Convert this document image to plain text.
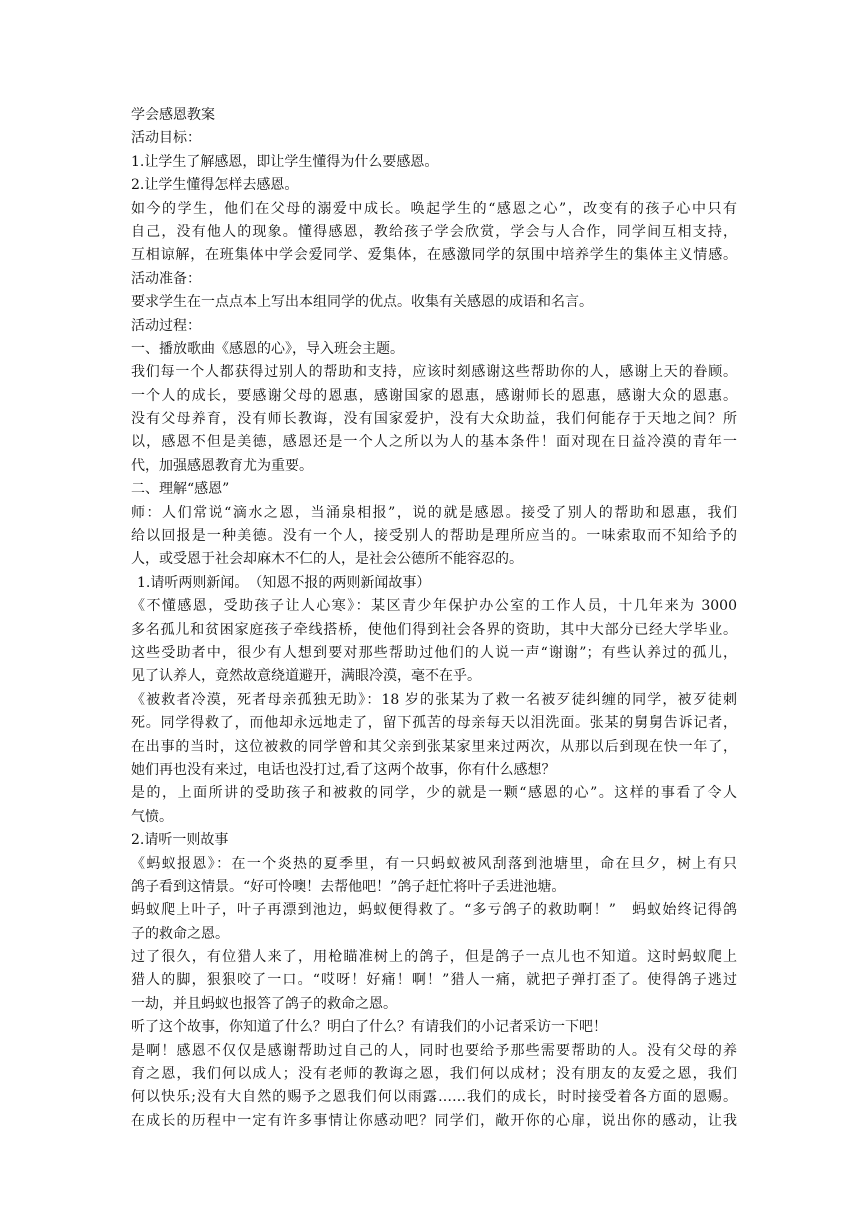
学会感恩教案
活动目标：
1.让学生了解感恩，即让学生懂得为什么要感恩。
2.让学生懂得怎样去感恩。
如今的学生，他们在父母的溺爱中成长。唤起学生的“感恩之心”，改变有的孩子心中只有
自己，没有他人的现象。懂得感恩，教给孩子学会欣赏，学会与人合作，同学间互相支持，
互相谅解，在班集体中学会爱同学、爱集体，在感激同学的氛围中培养学生的集体主义情感。
活动准备：
要求学生在一点点本上写出本组同学的优点。收集有关感恩的成语和名言。
活动过程：
一、播放歌曲《感恩的心》，导入班会主题。
我们每一个人都获得过别人的帮助和支持，应该时刻感谢这些帮助你的人，感谢上天的眷顾。
一个人的成长，要感谢父母的恩惠，感谢国家的恩惠，感谢师长的恩惠，感谢大众的恩惠。
没有父母养育，没有师长教诲，没有国家爱护，没有大众助益，我们何能存于天地之间？所
以，感恩不但是美德，感恩还是一个人之所以为人的基本条件！面对现在日益冷漠的青年一
代，加强感恩教育尤为重要。
二、理解“感恩”
师：人们常说“滴水之恩，当涌泉相报”，说的就是感恩。接受了别人的帮助和恩惠，我们
给以回报是一种美德。没有一个人，接受别人的帮助是理所应当的。一味索取而不知给予的
人，或受恩于社会却麻木不仁的人，是社会公德所不能容忍的。
1.请听两则新闻。　（知恩不报的两则新闻故事）
《不懂感恩，受助孩子让人心寒》：某区青少年保护办公室的工作人员，十几年来为 3000
多名孤儿和贫困家庭孩子牵线搭桥，使他们得到社会各界的资助，其中大部分已经大学毕业。
这些受助者中，很少有人想到要对那些帮助过他们的人说一声“谢谢”；有些认养过的孤儿，
见了认养人，竟然故意绕道避开，满眼冷漠，毫不在乎。
《被救者冷漠，死者母亲孤独无助》：18 岁的张某为了救一名被歹徒纠缠的同学，被歹徒刺
死。同学得救了，而他却永远地走了，留下孤苦的母亲每天以泪洗面。张某的舅舅告诉记者，
在出事的当时，这位被救的同学曾和其父亲到张某家里来过两次，从那以后到现在快一年了，
她们再也没有来过，电话也没打过,看了这两个故事，你有什么感想？
是的，上面所讲的受助孩子和被救的同学，少的就是一颗“感恩的心”。这样的事看了令人
气愤。
2.请听一则故事
《蚂蚁报恩》：在一个炎热的夏季里，有一只蚂蚁被风刮落到池塘里，命在旦夕，树上有只
鸽子看到这情景。“好可怜噢！去帮他吧！”鸽子赶忙将叶子丢进池塘。
蚂蚁爬上叶子，叶子再漂到池边，蚂蚁便得救了。“多亏鸽子的救助啊！”　蚂蚁始终记得鸽
子的救命之恩。
过了很久，有位猎人来了，用枪瞄准树上的鸽子，但是鸽子一点儿也不知道。这时蚂蚁爬上
猎人的脚，狠狠咬了一口。“哎呀！好痛！啊！”猎人一痛，就把子弹打歪了。使得鸽子逃过
一劫，并且蚂蚁也报答了鸽子的救命之恩。
听了这个故事，你知道了什么？明白了什么？有请我们的小记者采访一下吧！
是啊！感恩不仅仅是感谢帮助过自己的人，同时也要给予那些需要帮助的人。没有父母的养
育之恩，我们何以成人；没有老师的教诲之恩，我们何以成材；没有朋友的友爱之恩，我们
何以快乐;没有大自然的赐予之恩我们何以雨露……我们的成长，时时接受着各方面的恩赐。
在成长的历程中一定有许多事情让你感动吧？同学们，敞开你的心扉，说出你的感动，让我
